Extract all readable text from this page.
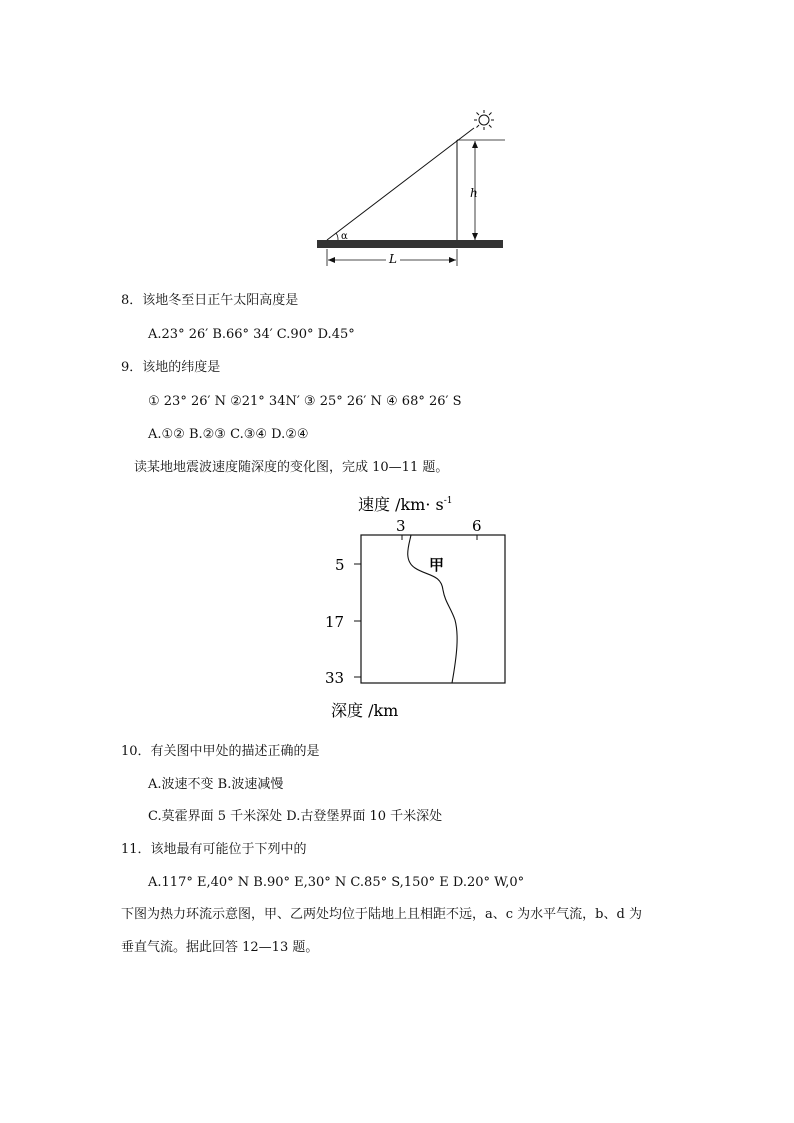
h
α
L
8．该地冬至日正午太阳高度是
A.23° 26′ B.66° 34′ C.90° D.45°
9．该地的纬度是
① 23° 26′ N ②21° 34N′ ③ 25° 26′ N ④ 68° 26′ S
A.①② B.②③ C.③④ D.②④
读某地地震波速度随深度的变化图，完成 10—11 题。
速度 $/km\cdot s^{-1}$
3	6
5
17
33
甲
深度 /km
10．有关图中甲处的描述正确的是
A.波速不变 B.波速减慢
C.莫霍界面 5 千米深处 D.古登堡界面 10 千米深处
11．该地最有可能位于下列中的
A.117° E,40° N B.90° E,30° N C.85° S,150° E D.20° W,0°
下图为热力环流示意图，甲、乙两处均位于陆地上且相距不远，a、c 为水平气流，b、d 为
垂直气流。据此回答 12—13 题。
